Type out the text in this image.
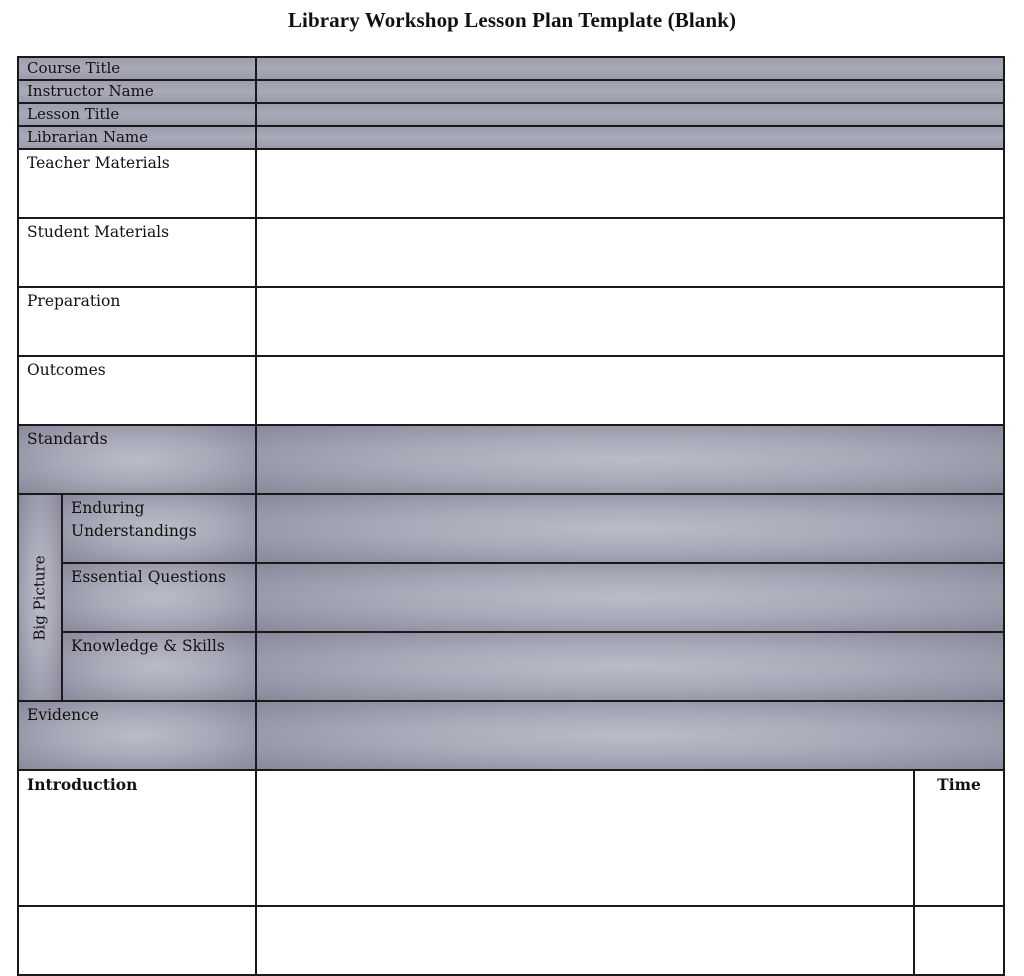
Library Workshop Lesson Plan Template (Blank)
Course Title			

Instructor Name			

Lesson Title			

Librarian Name			

Teacher Materials			

Student Materials			

Preparation			

Outcomes			

Standards			

Big Picture	Enduring Understandings		

	Essential Questions		

	Knowledge & Skills		

Evidence			

Introduction			Time
